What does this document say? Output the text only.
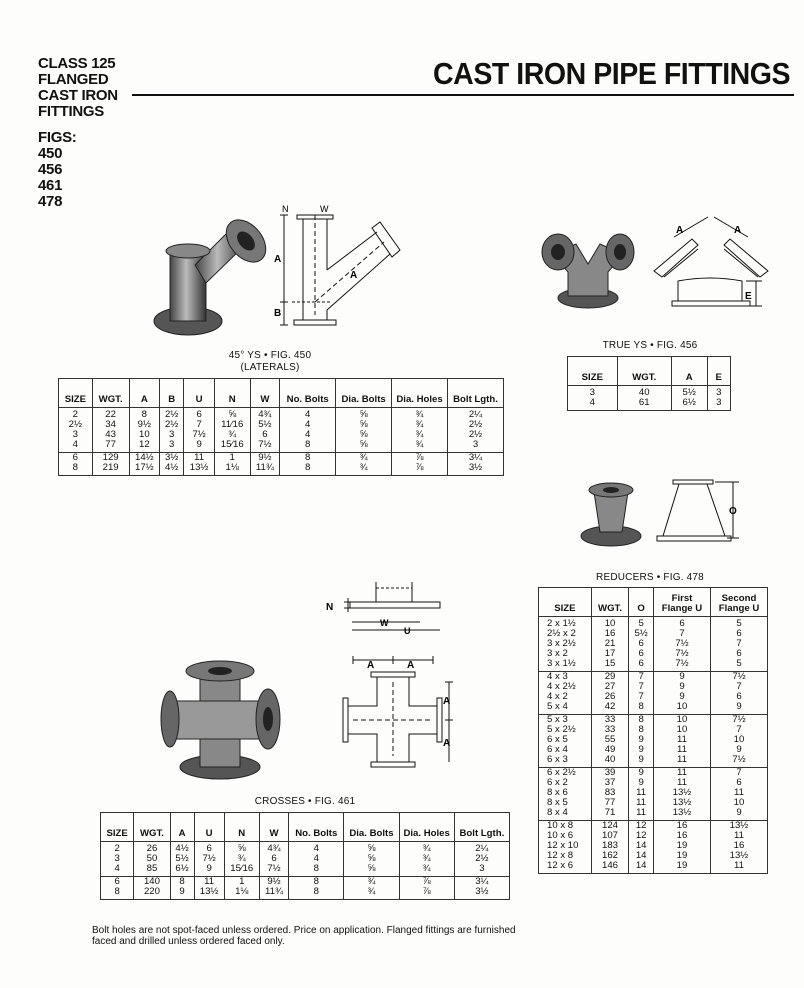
CLASS 125
FLANGED
CAST IRON
FITTINGS
FIGS:
450
456
461
478
CAST IRON PIPE FITTINGS
A
B
N	W
A
45° YS • FIG. 450
(LATERALS)
SIZE	WGT.	A	B	U	N	W	No. Bolts	Dia. Bolts	Dia. Holes	Bolt Lgth.
2	22	8	2½	6	⅝	4¾	4	⅝	¾	2¼
2½	34	9½	2½	7	11⁄16	5½	4	⅝	¾	2½
3	43	10	3	7½	¾	6	4	⅝	¾	2½
4	77	12	3	9	15⁄16	7½	8	⅝	¾	3
6	129	14½	3½	11	1	9½	8	¾	⅞	3¼
8	219	17½	4½	13½	1⅛	11¾	8	¾	⅞	3½
A	A
E
TRUE YS • FIG. 456
SIZE	WGT.	A	E
3	40	5½	3
4	61	6½	3
O
REDUCERS • FIG. 478
SIZE	WGT.	O	First Flange U	Second Flange U
2 x 1½	10	5	6	5
2½ x 2	16	5½	7	6
3 x 2½	21	6	7½	7
3 x 2	17	6	7½	6
3 x 1½	15	6	7½	5
4 x 3	29	7	9	7½
4 x 2½	27	7	9	7
4 x 2	26	7	9	6
5 x 4	42	8	10	9
5 x 3	33	8	10	7½
5 x 2½	33	8	10	7
6 x 5	55	9	11	10
6 x 4	49	9	11	9
6 x 3	40	9	11	7½
6 x 2½	39	9	11	7
6 x 2	37	9	11	6
8 x 6	83	11	13½	11
8 x 5	77	11	13½	10
8 x 4	71	11	13½	9
10 x 8	124	12	16	13½
10 x 6	107	12	16	11
12 x 10	183	14	19	16
12 x 8	162	14	19	13½
12 x 6	146	14	19	11
N
W
U
A	A
A
A
CROSSES • FIG. 461
SIZE	WGT.	A	U	N	W	No. Bolts	Dia. Bolts	Dia. Holes	Bolt Lgth.
2	26	4½	6	⅝	4¾	4	⅝	¾	2¼
3	50	5½	7½	¾	6	4	⅝	¾	2½
4	85	6½	9	15⁄16	7½	8	⅝	¾	3
6	140	8	11	1	9½	8	¾	⅞	3¼
8	220	9	13½	1⅛	11¾	8	¾	⅞	3½
Bolt holes are not spot-faced unless ordered. Price on application. Flanged fittings are furnished faced and drilled unless ordered faced only.
